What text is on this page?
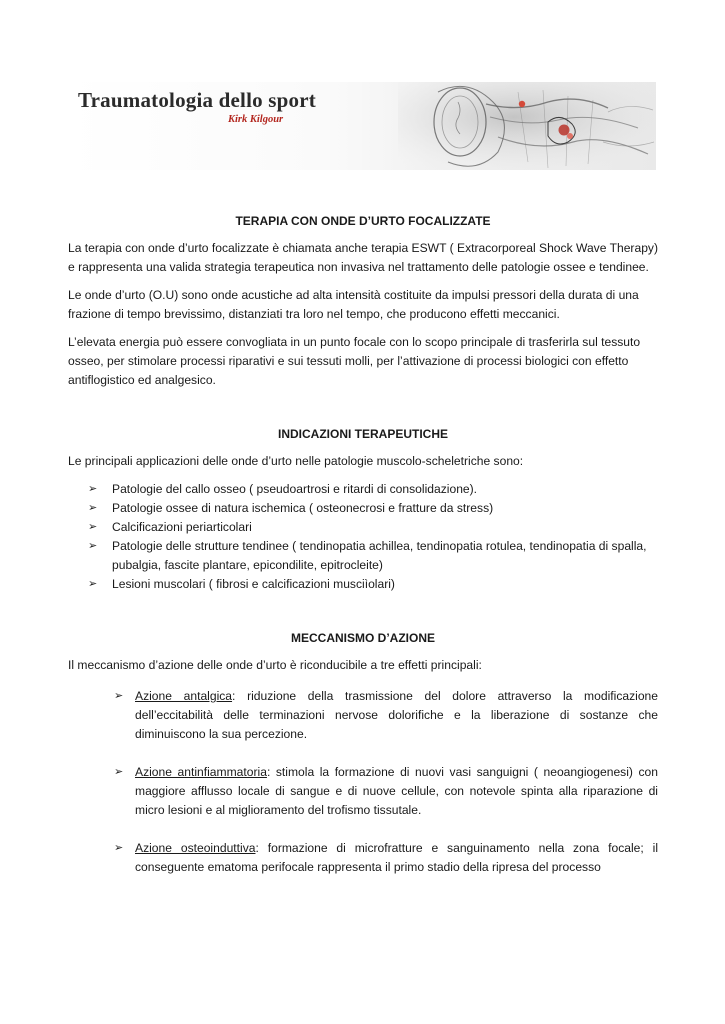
Traumatologia dello sport
Kirk Kilgour
TERAPIA CON ONDE D’URTO FOCALIZZATE

La terapia con onde d’urto focalizzate è chiamata anche terapia ESWT ( Extracorporeal Shock Wave Therapy) e rappresenta una valida strategia terapeutica non invasiva nel trattamento delle patologie ossee e tendinee.

Le onde d’urto (O.U) sono onde acustiche ad alta intensità costituite da impulsi pressori della durata di una frazione di tempo brevissimo, distanziati tra loro nel tempo, che producono effetti meccanici.

L’elevata energia può essere convogliata in un punto focale con lo scopo principale di trasferirla sul tessuto osseo, per stimolare processi riparativi e sui tessuti molli, per l’attivazione di processi biologici con effetto antiflogistico ed analgesico.

INDICAZIONI TERAPEUTICHE

Le principali applicazioni delle onde d’urto nelle patologie muscolo-scheletriche sono:

➢	Patologie del callo osseo ( pseudoartrosi e ritardi di consolidazione).
➢	Patologie ossee di natura ischemica ( osteonecrosi e fratture da stress)
➢	Calcificazioni periarticolari
➢	Patologie delle strutture tendinee ( tendinopatia achillea, tendinopatia rotulea, tendinopatia di spalla, pubalgia, fascite plantare, epicondilite, epitrocleite)
➢	Lesioni muscolari ( fibrosi e calcificazioni musciìolari)
MECCANISMO D’AZIONE

Il meccanismo d’azione delle onde d’urto è riconducibile a tre effetti principali:

➢ Azione antalgica: riduzione della trasmissione del dolore attraverso la modificazione dell’eccitabilità delle terminazioni nervose dolorifiche e la liberazione di sostanze che diminuiscono la sua percezione.
➢ Azione antinfiammatoria: stimola la formazione di nuovi vasi sanguigni ( neoangiogenesi) con maggiore afflusso locale di sangue e di nuove cellule, con notevole spinta alla riparazione di micro lesioni e al miglioramento del trofismo tissutale.
➢ Azione osteoinduttiva: formazione di microfratture e sanguinamento nella zona focale; il conseguente ematoma perifocale rappresenta il primo stadio della ripresa del processo
